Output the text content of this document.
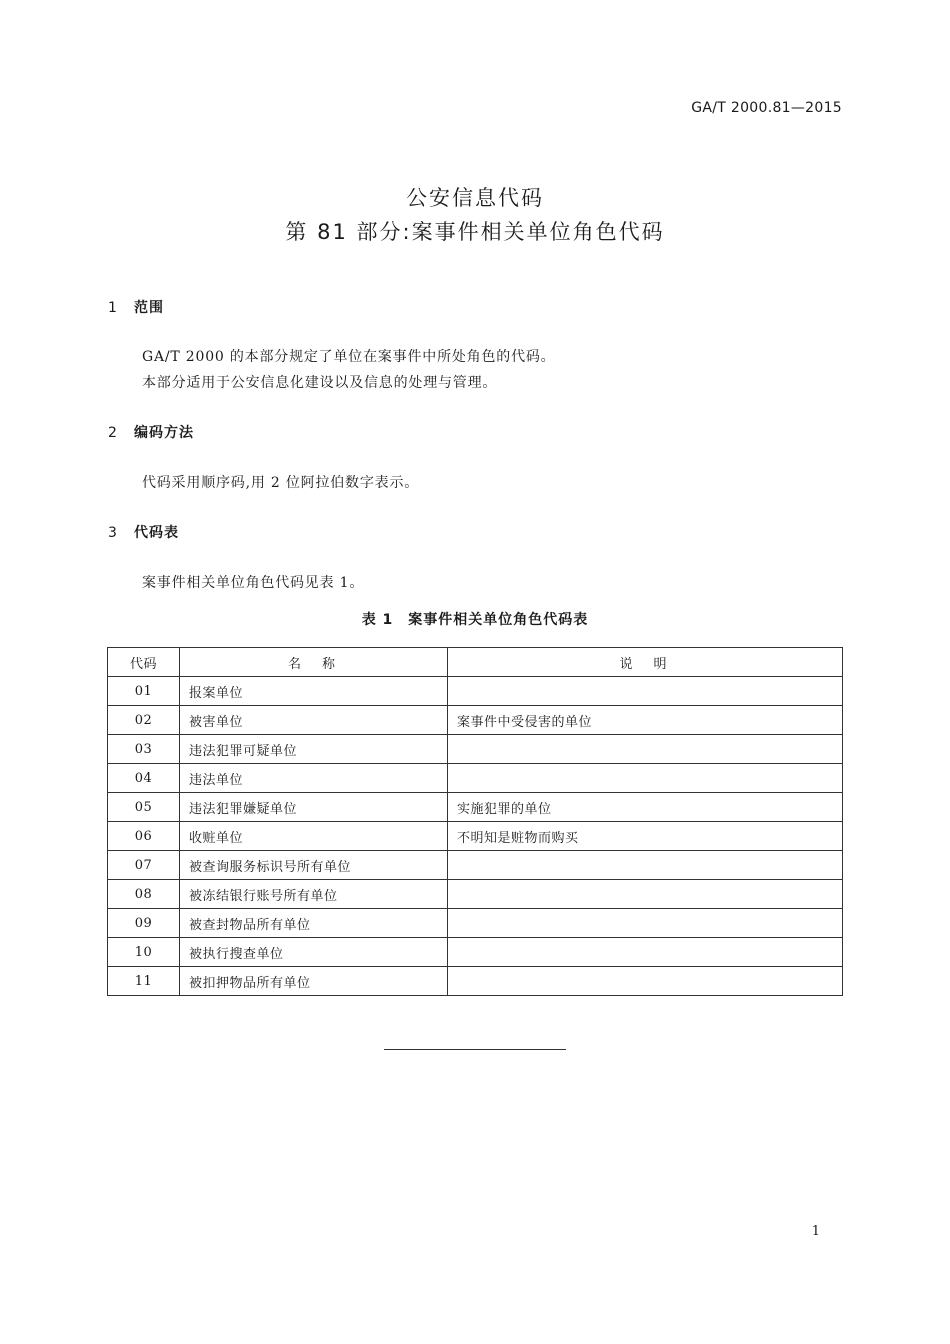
GA/T 2000.81—2015
公安信息代码
第 81 部分:案事件相关单位角色代码
1 范围
GA/T 2000 的本部分规定了单位在案事件中所处角色的代码。
本部分适用于公安信息化建设以及信息的处理与管理。
2 编码方法
代码采用顺序码,用 2 位阿拉伯数字表示。
3 代码表
案事件相关单位角色代码见表 1。
表 1　案事件相关单位角色代码表
代码	名　称	说　明
01	报案单位	
02	被害单位	案事件中受侵害的单位
03	违法犯罪可疑单位	
04	违法单位	
05	违法犯罪嫌疑单位	实施犯罪的单位
06	收赃单位	不明知是赃物而购买
07	被查询服务标识号所有单位	
08	被冻结银行账号所有单位	
09	被查封物品所有单位	
10	被执行搜查单位	
11	被扣押物品所有单位	
1
